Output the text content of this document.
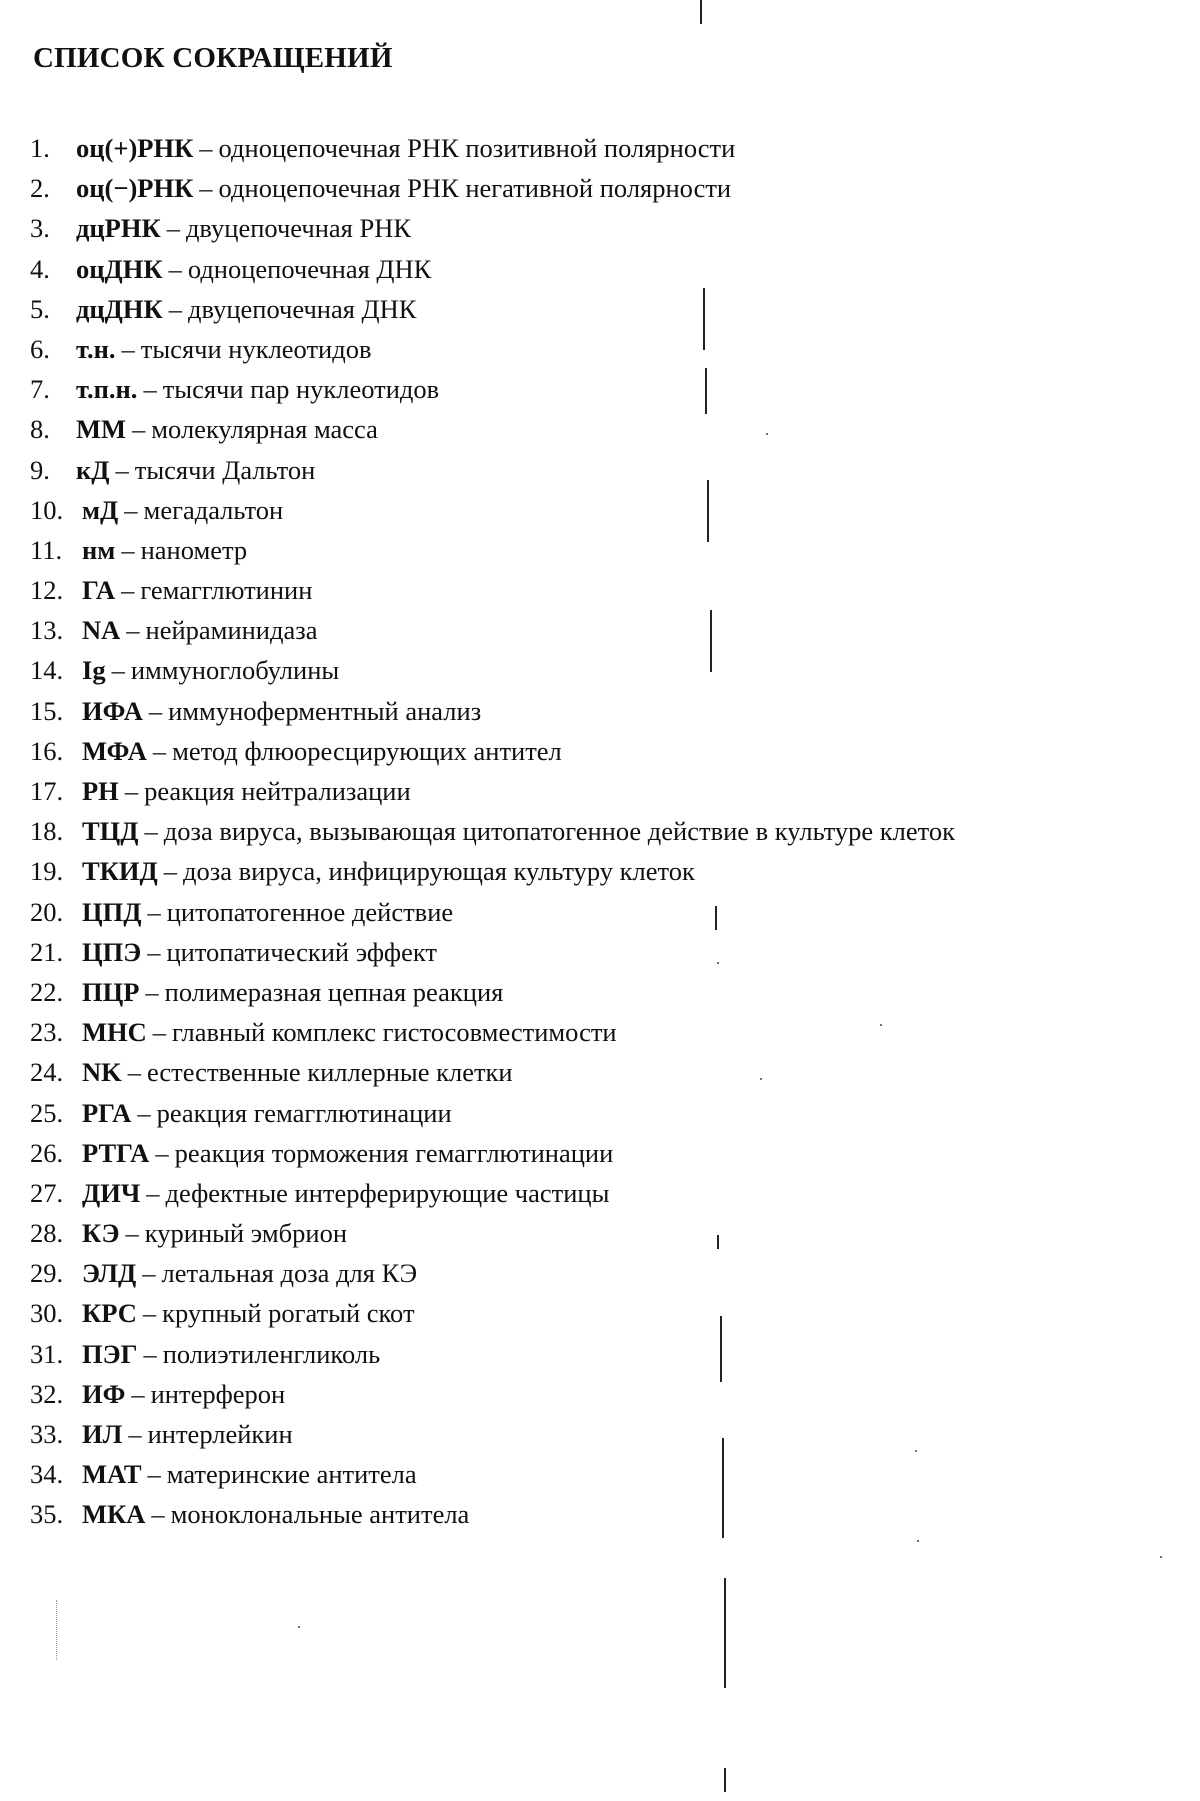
СПИСОК СОКРАЩЕНИЙ
1. оц(+)РНК – одноцепочечная РНК позитивной полярности
2. оц(−)РНК – одноцепочечная РНК негативной полярности
3. дцРНК – двуцепочечная РНК
4. оцДНК – одноцепочечная ДНК
5. дцДНК – двуцепочечная ДНК
6. т.н. – тысячи нуклеотидов
7. т.п.н. – тысячи пар нуклеотидов
8. ММ – молекулярная масса
9. кД – тысячи Дальтон
10. мД – мегадальтон
11. нм – нанометр
12. ГА – гемагглютинин
13. NA – нейраминидаза
14. Ig – иммуноглобулины
15. ИФА – иммуноферментный анализ
16. МФА – метод флюоресцирующих антител
17. РН – реакция нейтрализации
18. ТЦД – доза вируса, вызывающая цитопатогенное действие в культуре клеток
19. ТКИД – доза вируса, инфицирующая культуру клеток
20. ЦПД – цитопатогенное действие
21. ЦПЭ – цитопатический эффект
22. ПЦР – полимеразная цепная реакция
23. МНС – главный комплекс гистосовместимости
24. NK – естественные киллерные клетки
25. РГА – реакция гемагглютинации
26. РТГА – реакция торможения гемагглютинации
27. ДИЧ – дефектные интерферирующие частицы
28. КЭ – куриный эмбрион
29. ЭЛД – летальная доза для КЭ
30. КРС – крупный рогатый скот
31. ПЭГ – полиэтиленгликоль
32. ИФ – интерферон
33. ИЛ – интерлейкин
34. МАТ – материнские антитела
35. МКА – моноклональные антитела
